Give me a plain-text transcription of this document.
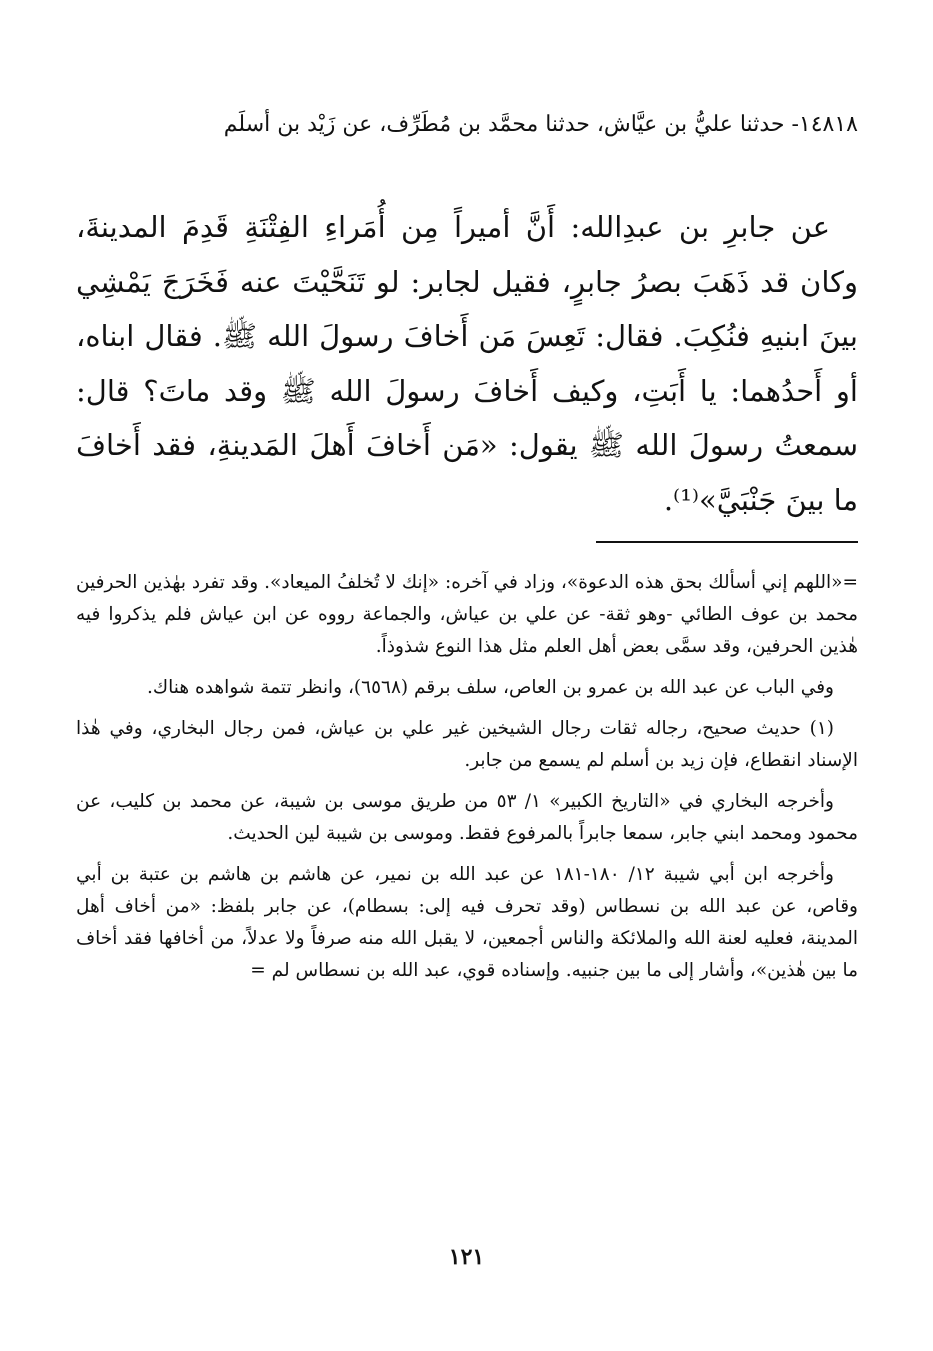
١٤٨١٨- حدثنا عليُّ بن عيَّاش، حدثنا محمَّد بن مُطَرِّف، عن زَيْد بن أسلَم
عن جابرِ بن عبدِالله: أَنَّ أميراً مِن أُمَراءِ الفِتْنَةِ قَدِمَ المدينةَ، وكان قد ذَهَبَ بصرُ جابرٍ، فقيل لجابر: لو تَنَحَّيْتَ عنه فَخَرَجَ يَمْشِي بينَ ابنيهِ فنُكِبَ. فقال: تَعِسَ مَن أَخافَ رسولَ الله ﷺ. فقال ابناه، أو أَحدُهما: يا أَبَتِ، وكيف أَخافَ رسولَ الله ﷺ وقد ماتَ؟ قال: سمعتُ رسولَ الله ﷺ يقول: «مَن أَخافَ أَهلَ المَدينةِ، فقد أَخافَ ما بينَ جَنْبَيَّ»⁽¹⁾.

=«اللهم إني أسألك بحق هذه الدعوة»، وزاد في آخره: «إنك لا تُخلفُ الميعاد». وقد تفرد بهٰذين الحرفين محمد بن عوف الطائي -وهو ثقة- عن علي بن عياش، والجماعة رووه عن ابن عياش فلم يذكروا فيه هٰذين الحرفين، وقد سمَّى بعض أهل العلم مثل هذا النوع شذوذاً.

وفي الباب عن عبد الله بن عمرو بن العاص، سلف برقم (٦٥٦٨)، وانظر تتمة شواهده هناك.

(١) حديث صحيح، رجاله ثقات رجال الشيخين غير علي بن عياش، فمن رجال البخاري، وفي هٰذا الإسناد انقطاع، فإن زيد بن أسلم لم يسمع من جابر.

وأخرجه البخاري في «التاريخ الكبير» ١/ ٥٣ من طريق موسى بن شيبة، عن محمد بن كليب، عن محمود ومحمد ابني جابر، سمعا جابراً بالمرفوع فقط. وموسى بن شيبة لين الحديث.

وأخرجه ابن أبي شيبة ١٢/ ١٨٠-١٨١ عن عبد الله بن نمير، عن هاشم بن هاشم بن عتبة بن أبي وقاص، عن عبد الله بن نسطاس (وقد تحرف فيه إلى: بسطام)، عن جابر بلفظ: «من أخاف أهل المدينة، فعليه لعنة الله والملائكة والناس أجمعين، لا يقبل الله منه صرفاً ولا عدلاً، من أخافها فقد أخاف ما بين هٰذين»، وأشار إلى ما بين جنبيه. وإسناده قوي، عبد الله بن نسطاس لم =

١٢١
